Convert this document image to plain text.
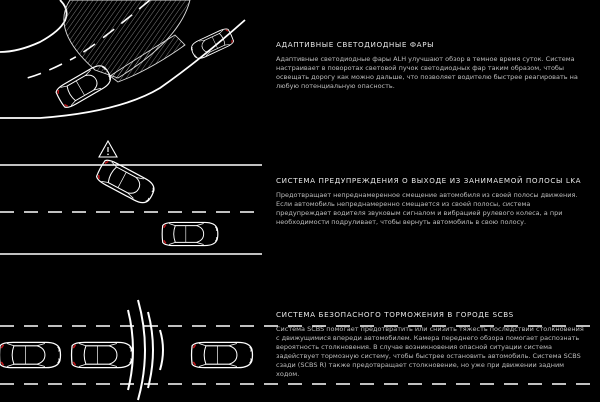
АДАПТИВНЫЕ СВЕТОДИОДНЫЕ ФАРЫ

Адаптивные светодиодные фары ALH улучшают обзор в темное время суток. Система настраивает в поворотах световой пучок светодиодных фар таким образом, чтобы освещать дорогу как можно дальше, что позволяет водителю быстрее реагировать на любую потенциальную опасность.

СИСТЕМА ПРЕДУПРЕЖДЕНИЯ О ВЫХОДЕ ИЗ ЗАНИМАЕМОЙ ПОЛОСЫ LKA

Предотвращает непреднамеренное смещение автомобиля из своей полосы движения. Если автомобиль непреднамеренно смещается из своей полосы, система предупреждает водителя звуковым сигналом и вибрацией рулевого колеса, а при необходимости подруливает, чтобы вернуть автомобиль в свою полосу.

СИСТЕМА БЕЗОПАСНОГО ТОРМОЖЕНИЯ В ГОРОДЕ SCBS

Система SCBS помогает предотвратить или снизить тяжесть последствий столкновения с движущимися впереди автомобилем. Камера переднего обзора помогает распознать вероятность столкновения. В случае возникновения опасной ситуации система задействует тормозную систему, чтобы быстрее остановить автомобиль. Система SCBS сзади (SCBS R) также предотвращает столкновение, но уже при движении задним ходом.
